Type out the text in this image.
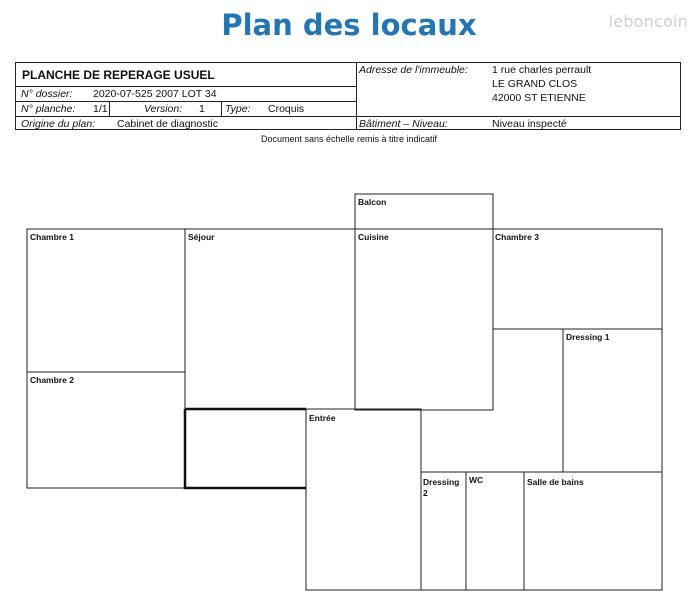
Plan des locaux	leboncoin
PLANCHE DE REPERAGE USUEL
N° dossier: 2020-07-525 2007 LOT 34
N° planche: 1/1	Version: 1 Type: Croquis
Origine du plan: Cabinet de diagnostic
Adresse de l'immeuble: 1 rue charles perrault
LE GRAND CLOS
42000 ST ETIENNE
Bâtiment – Niveau:	Niveau inspecté
Document sans échelle remis à titre indicatif
Balcon
Chambre 1	Séjour	Cuisine	Chambre 3
Dressing 1
Chambre 2
Entrée
Dressing
2
WC	Salle de bains
